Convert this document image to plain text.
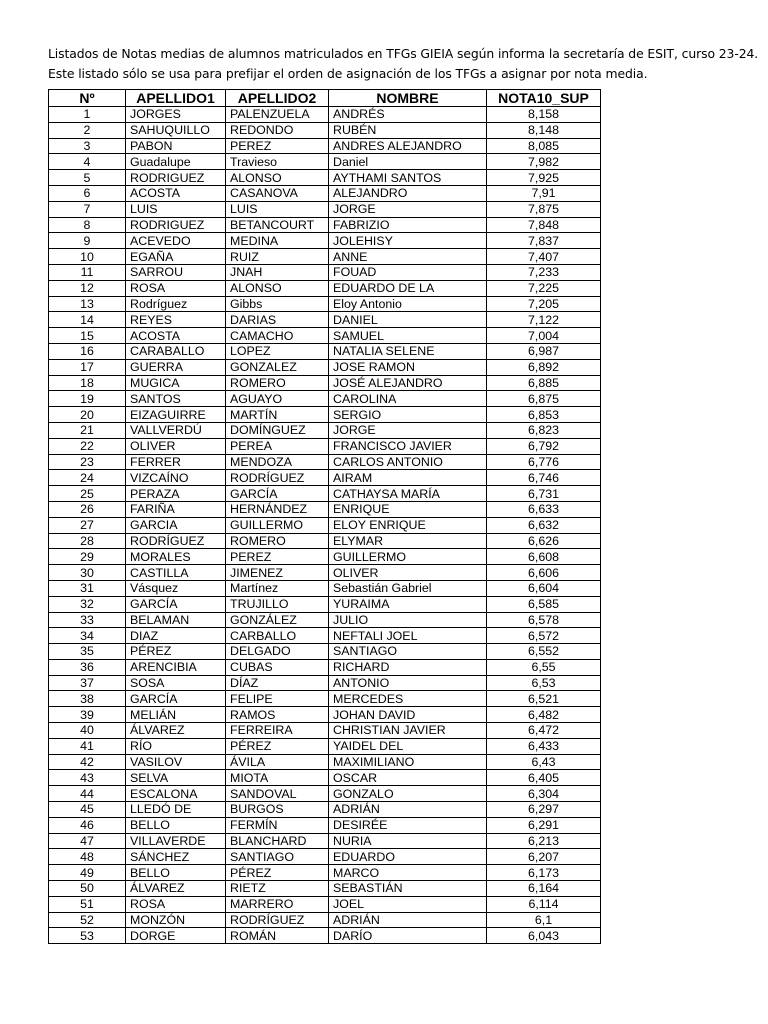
Listados de Notas medias de alumnos matriculados en TFGs GIEIA según informa la secretaría de ESIT, curso 23-24.

Este listado sólo se usa para prefijar el orden de asignación de los TFGs a asignar por nota media.

Nº	APELLIDO1	APELLIDO2	NOMBRE	NOTA10_SUP
1	JORGES	PALENZUELA	ANDRÉS	8,158
2	SAHUQUILLO	REDONDO	RUBÉN	8,148
3	PABON	PEREZ	ANDRES ALEJANDRO	8,085
4	Guadalupe	Travieso	Daniel	7,982
5	RODRIGUEZ	ALONSO	AYTHAMI SANTOS	7,925
6	ACOSTA	CASANOVA	ALEJANDRO	7,91
7	LUIS	LUIS	JORGE	7,875
8	RODRIGUEZ	BETANCOURT	FABRIZIO	7,848
9	ACEVEDO	MEDINA	JOLEHISY	7,837
10	EGAÑA	RUIZ	ANNE	7,407
11	SARROU	JNAH	FOUAD	7,233
12	ROSA	ALONSO	EDUARDO DE LA	7,225
13	Rodríguez	Gibbs	Eloy Antonio	7,205
14	REYES	DARIAS	DANIEL	7,122
15	ACOSTA	CAMACHO	SAMUEL	7,004
16	CARABALLO	LOPEZ	NATALIA SELENE	6,987
17	GUERRA	GONZALEZ	JOSE RAMON	6,892
18	MUGICA	ROMERO	JOSÉ ALEJANDRO	6,885
19	SANTOS	AGUAYO	CAROLINA	6,875
20	EIZAGUIRRE	MARTÍN	SERGIO	6,853
21	VALLVERDÚ	DOMÍNGUEZ	JORGE	6,823
22	OLIVER	PEREA	FRANCISCO JAVIER	6,792
23	FERRER	MENDOZA	CARLOS ANTONIO	6,776
24	VIZCAÍNO	RODRÍGUEZ	AIRAM	6,746
25	PERAZA	GARCÍA	CATHAYSA MARÍA	6,731
26	FARIÑA	HERNÁNDEZ	ENRIQUE	6,633
27	GARCIA	GUILLERMO	ELOY ENRIQUE	6,632
28	RODRÍGUEZ	ROMERO	ELYMAR	6,626
29	MORALES	PEREZ	GUILLERMO	6,608
30	CASTILLA	JIMENEZ	OLIVER	6,606
31	Vásquez	Martínez	Sebastián Gabriel	6,604
32	GARCÍA	TRUJILLO	YURAIMA	6,585
33	BELAMAN	GONZÁLEZ	JULIO	6,578
34	DIAZ	CARBALLO	NEFTALI JOEL	6,572
35	PÉREZ	DELGADO	SANTIAGO	6,552
36	ARENCIBIA	CUBAS	RICHARD	6,55
37	SOSA	DÍAZ	ANTONIO	6,53
38	GARCÍA	FELIPE	MERCEDES	6,521
39	MELIÁN	RAMOS	JOHAN DAVID	6,482
40	ÁLVAREZ	FERREIRA	CHRISTIAN JAVIER	6,472
41	RÍO	PÉREZ	YAIDEL DEL	6,433
42	VASILOV	ÁVILA	MAXIMILIANO	6,43
43	SELVA	MIOTA	OSCAR	6,405
44	ESCALONA	SANDOVAL	GONZALO	6,304
45	LLEDÓ DE	BURGOS	ADRIÁN	6,297
46	BELLO	FERMÍN	DESIRÉE	6,291
47	VILLAVERDE	BLANCHARD	NURIA	6,213
48	SÁNCHEZ	SANTIAGO	EDUARDO	6,207
49	BELLO	PÉREZ	MARCO	6,173
50	ÁLVAREZ	RIETZ	SEBASTIÁN	6,164
51	ROSA	MARRERO	JOEL	6,114
52	MONZÓN	RODRÍGUEZ	ADRIÁN	6,1
53	DORGE	ROMÁN	DARÍO	6,043
